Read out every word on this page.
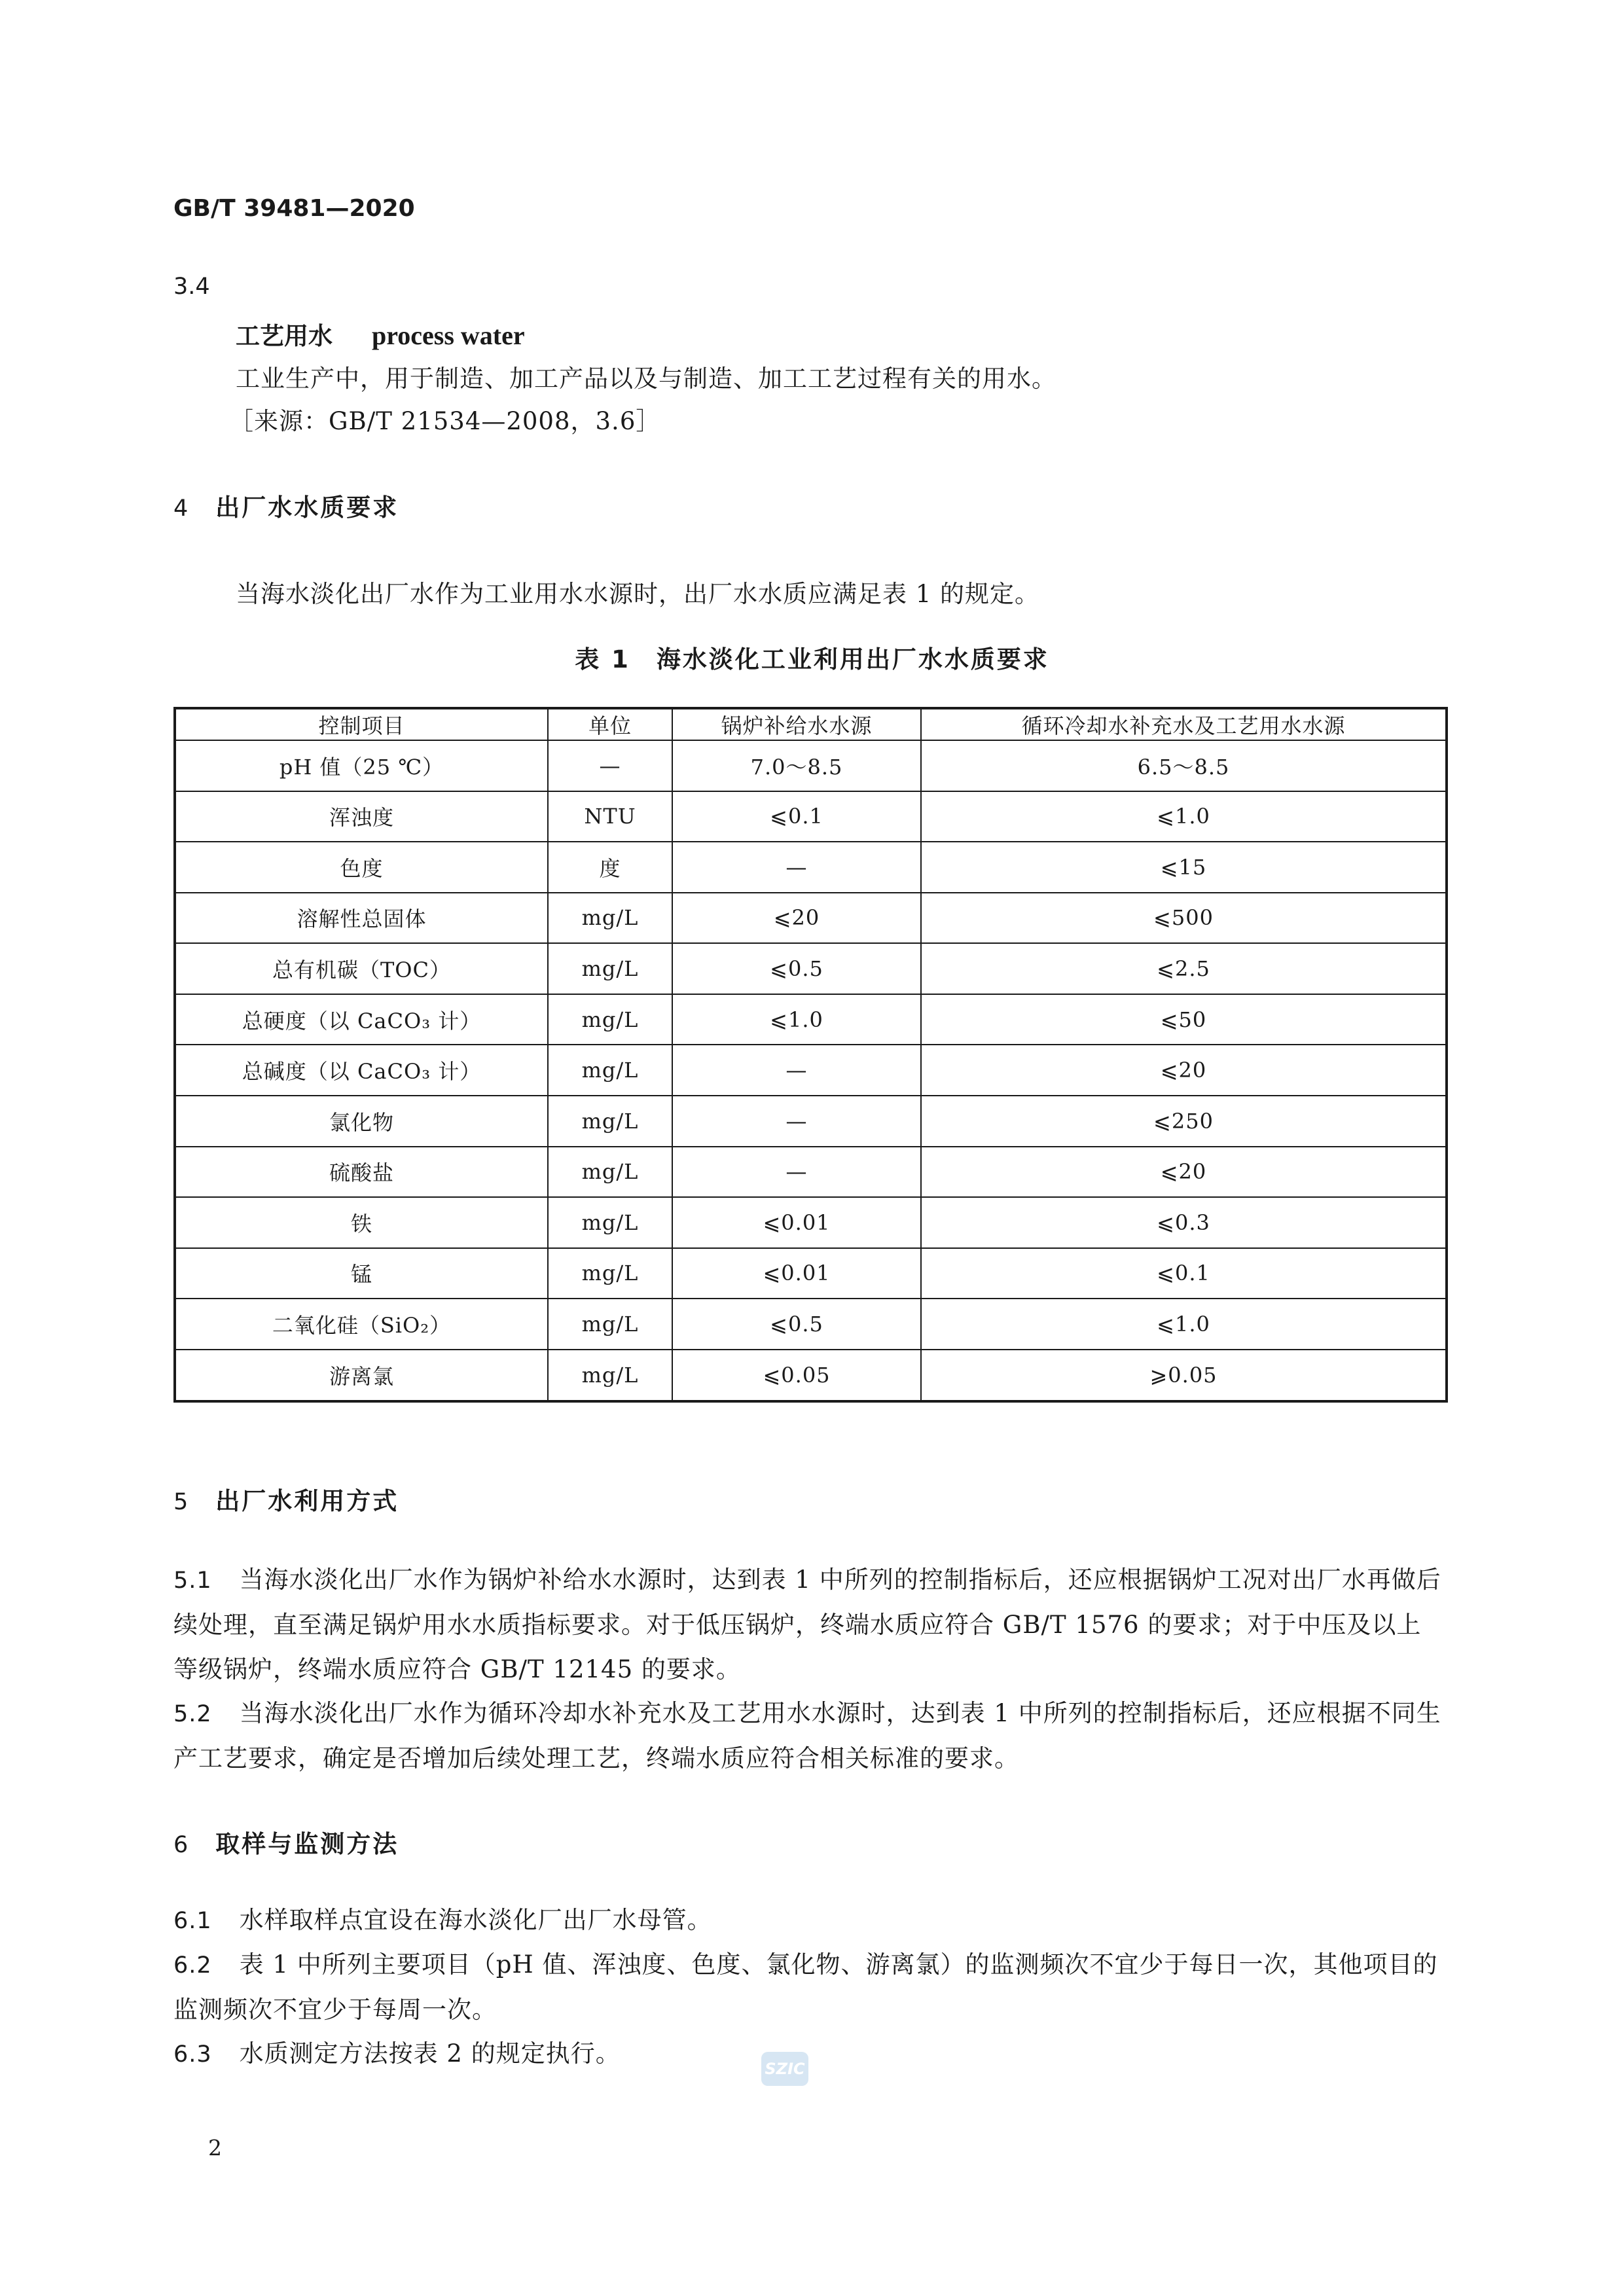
GB/T 39481—2020
3.4
工艺用水 process water
工业生产中，用于制造、加工产品以及与制造、加工工艺过程有关的用水。
［来源：GB/T 21534—2008，3.6］
4 出厂水水质要求
当海水淡化出厂水作为工业用水水源时，出厂水水质应满足表 1 的规定。
表 1　海水淡化工业利用出厂水水质要求
控制项目	单位	锅炉补给水水源	循环冷却水补充水及工艺用水水源
pH 值（25 ℃）	—	7.0～8.5	6.5～8.5
浑浊度	NTU	⩽0.1	⩽1.0
色度	度	—	⩽15
溶解性总固体	mg/L	⩽20	⩽500
总有机碳（TOC）	mg/L	⩽0.5	⩽2.5
总硬度（以 CaCO₃ 计）	mg/L	⩽1.0	⩽50
总碱度（以 CaCO₃ 计）	mg/L	—	⩽20
氯化物	mg/L	—	⩽250
硫酸盐	mg/L	—	⩽20
铁	mg/L	⩽0.01	⩽0.3
锰	mg/L	⩽0.01	⩽0.1
二氧化硅（SiO₂）	mg/L	⩽0.5	⩽1.0
游离氯	mg/L	⩽0.05	⩾0.05
5 出厂水利用方式
5.1 当海水淡化出厂水作为锅炉补给水水源时，达到表 1 中所列的控制指标后，还应根据锅炉工况对出厂水再做后续处理，直至满足锅炉用水水质指标要求。对于低压锅炉，终端水质应符合 GB/T 1576 的要求；对于中压及以上等级锅炉，终端水质应符合 GB/T 12145 的要求。
5.2 当海水淡化出厂水作为循环冷却水补充水及工艺用水水源时，达到表 1 中所列的控制指标后，还应根据不同生产工艺要求，确定是否增加后续处理工艺，终端水质应符合相关标准的要求。
6 取样与监测方法
6.1 水样取样点宜设在海水淡化厂出厂水母管。
6.2 表 1 中所列主要项目（pH 值、浑浊度、色度、氯化物、游离氯）的监测频次不宜少于每日一次，其他项目的监测频次不宜少于每周一次。
6.3 水质测定方法按表 2 的规定执行。
SZIC
2
